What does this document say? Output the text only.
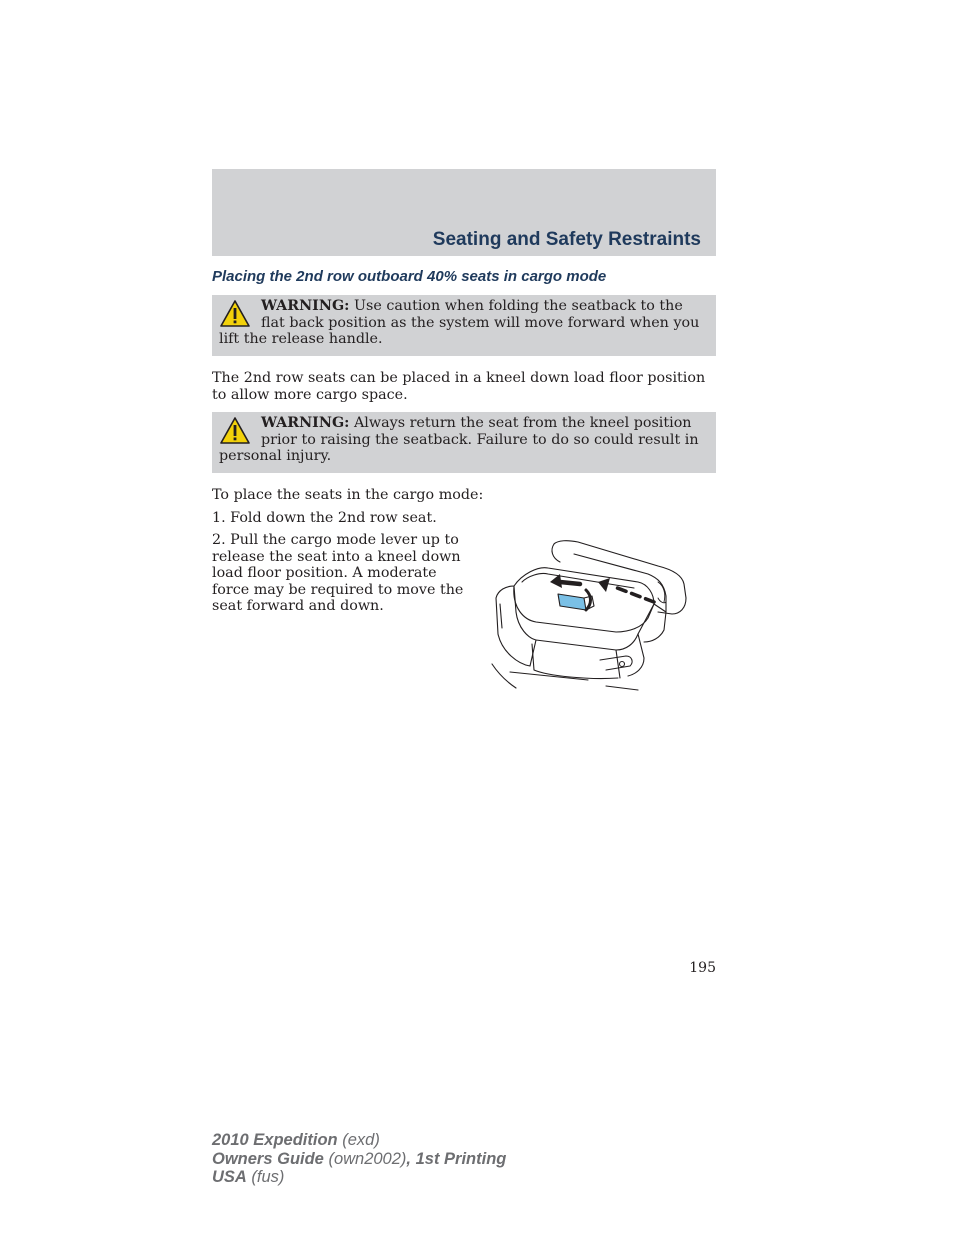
Seating and Safety Restraints
Placing the 2nd row outboard 40% seats in cargo mode
WARNING: Use caution when folding the seatback to the flat back position as the system will move forward when you lift the release handle.
The 2nd row seats can be placed in a kneel down load floor position to allow more cargo space.
WARNING: Always return the seat from the kneel position prior to raising the seatback. Failure to do so could result in personal injury.
To place the seats in the cargo mode:
1. Fold down the 2nd row seat.
2. Pull the cargo mode lever up to release the seat into a kneel down load floor position. A moderate force may be required to move the seat forward and down.
195
2010 Expedition (exd)
Owners Guide (own2002), 1st Printing
USA (fus)
